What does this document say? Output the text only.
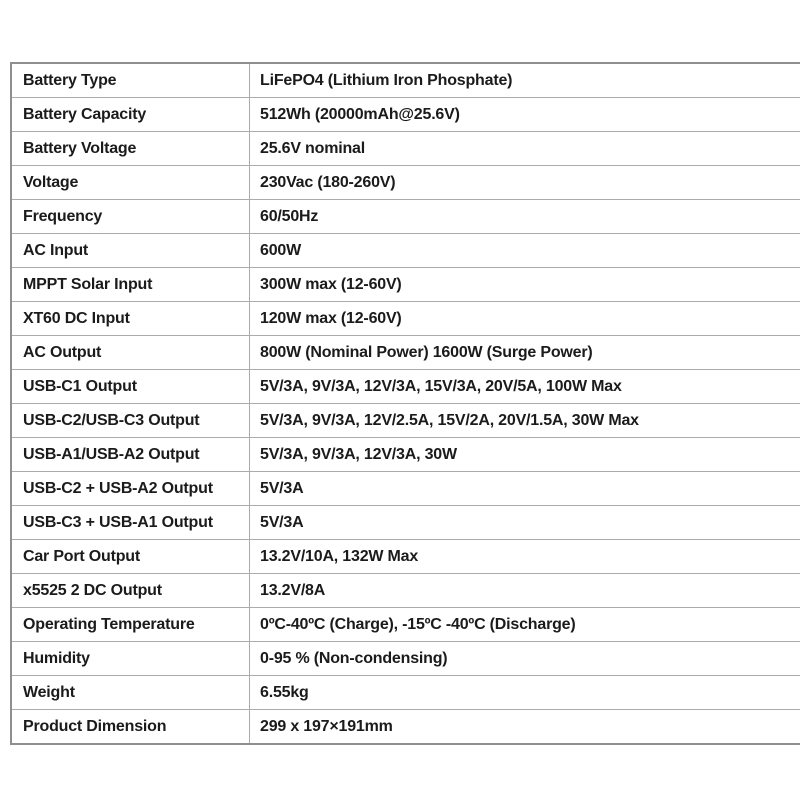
Battery Type	LiFePO4 (Lithium Iron Phosphate)
Battery Capacity	512Wh (20000mAh@25.6V)
Battery Voltage	25.6V nominal
Voltage	230Vac (180-260V)
Frequency	60/50Hz
AC Input	600W
MPPT Solar Input	300W max (12-60V)
XT60 DC Input	120W max (12-60V)
AC Output	800W (Nominal Power) 1600W (Surge Power)
USB-C1 Output	5V/3A, 9V/3A, 12V/3A, 15V/3A, 20V/5A, 100W Max
USB-C2/USB-C3 Output	5V/3A, 9V/3A, 12V/2.5A, 15V/2A, 20V/1.5A, 30W Max
USB-A1/USB-A2 Output	5V/3A, 9V/3A, 12V/3A, 30W
USB-C2 + USB-A2 Output	5V/3A
USB-C3 + USB-A1 Output	5V/3A
Car Port Output	13.2V/10A, 132W Max
x5525 2 DC Output	13.2V/8A
Operating Temperature	0ºC-40ºC (Charge), -15ºC -40ºC (Discharge)
Humidity	0-95 % (Non-condensing)
Weight	6.55kg
Product Dimension	299 x 197×191mm
